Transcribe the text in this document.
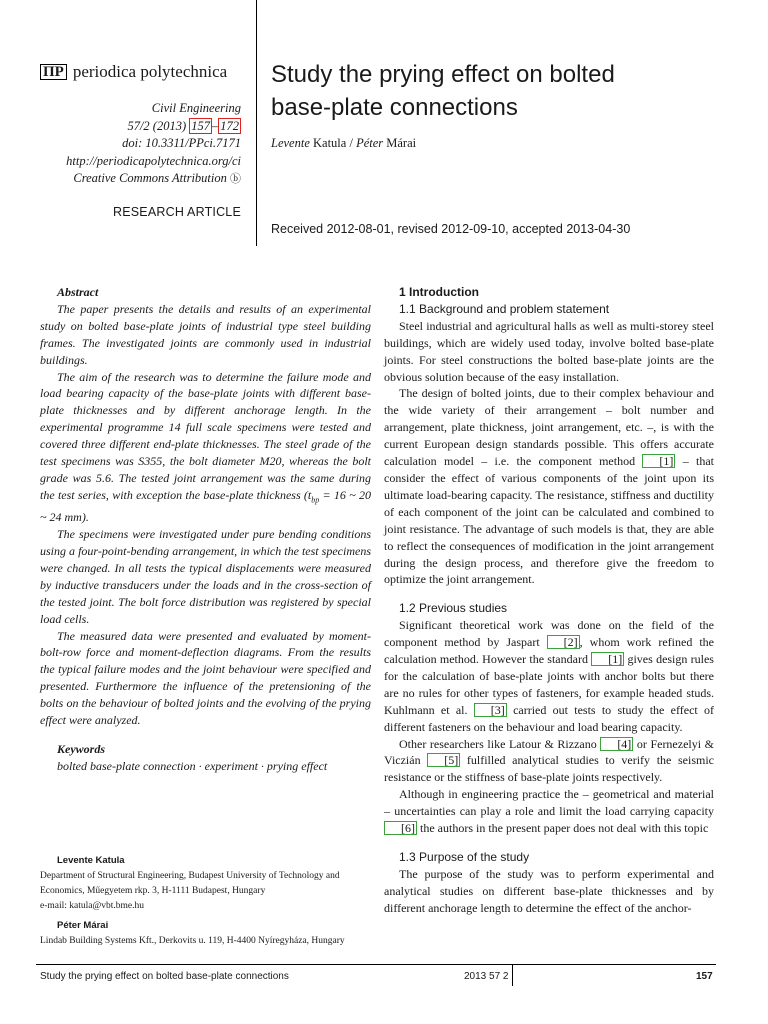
ΠP periodica polytechnica
Civil Engineering
57/2 (2013) 157 – 172
doi: 10.3311/PPci.7171
http://periodicapolytechnica.org/ci
Creative Commons Attribution ⓑ
RESEARCH ARTICLE
Study the prying effect on bolted
base-plate connections
Levente Katula / Péter Márai
Received 2012-08-01, revised 2012-09-10, accepted 2013-04-30
Abstract

The paper presents the details and results of an experimental study on bolted base-plate joints of industrial type steel building frames. The investigated joints are commonly used in industrial buildings.

The aim of the research was to determine the failure mode and load bearing capacity of the base-plate joints with different base-plate thicknesses and by different anchorage length. In the experimental programme 14 full scale specimens were tested and covered three different end-plate thicknesses. The steel grade of the test specimens was S355, the bolt diameter M20, whereas the bolt grade was 5.6. The tested joint arrangement was the same during the test series, with exception the base-plate thickness ($t_{bp} = 16$ ~ 20 ~ 24 mm).

The specimens were investigated under pure bending conditions using a four-point-bending arrangement, in which the test specimens were changed. In all tests the typical displacements were measured by inductive transducers under the loads and in the cross-section of the tested joint. The bolt force distribution was registered by special load cells.

The measured data were presented and evaluated by moment-bolt-row force and moment-deflection diagrams. From the results the typical failure modes and the joint behaviour were specified and presented. Furthermore the influence of the pretensioning of the bolts on the behaviour of bolted joints and the evolving of the prying effect were analyzed.

Keywords
bolted base-plate connection · experiment · prying effect
Levente Katula
Department of Structural Engineering, Budapest University of Technology and
Economics, Műegyetem rkp. 3, H-1111 Budapest, Hungary
e-mail: katula@vbt.bme.hu
Péter Márai
Lindab Building Systems Kft., Derkovits u. 119, H-4400 Nyíregyháza, Hungary
1 Introduction
1.1 Background and problem statement

Steel industrial and agricultural halls as well as multi-storey steel buildings, which are widely used today, involve bolted base-plate joints. For steel constructions the bolted base-plate joints are the obvious solution because of the easy installation.

The design of bolted joints, due to their complex behaviour and the wide variety of their arrangement – bolt number and arrangement, plate thickness, joint arrangement, etc. –, is with the current European design standards possible. This offers accurate calculation model – i.e. the component method [1] – that consider the effect of various components of the joint upon its ultimate load-bearing capacity. The resistance, stiffness and ductility of each component of the joint can be calculated and combined to joint resistance. The advantage of such models is that, they are able to reflect the consequences of modification in the joint arrangement during the design process, and therefore give the freedom to optimize the joint arrangement.

1.2 Previous studies

Significant theoretical work was done on the field of the component method by Jaspart [2] , whom work refined the calculation method. However the standard [1] gives design rules for the calculation of base-plate joints with anchor bolts but there are no rules for other types of fasteners, for example headed studs. Kuhlmann et al. [3] carried out tests to study the effect of different fasteners on the behaviour and load bearing capacity.

Other researchers like Latour & Rizzano [4] or Fernezelyi & Viczián [5] fulfilled analytical studies to verify the seismic resistance or the stiffness of base-plate joints respectively.

Although in engineering practice the – geometrical and material – uncertainties can play a role and limit the load carrying capacity [6] the authors in the present paper does not deal with this topic

1.3 Purpose of the study

The purpose of the study was to perform experimental and analytical studies on different base-plate thicknesses and by different anchorage length to determine the effect of the anchor-

Study the prying effect on bolted base-plate connections	2013 57 2	157
